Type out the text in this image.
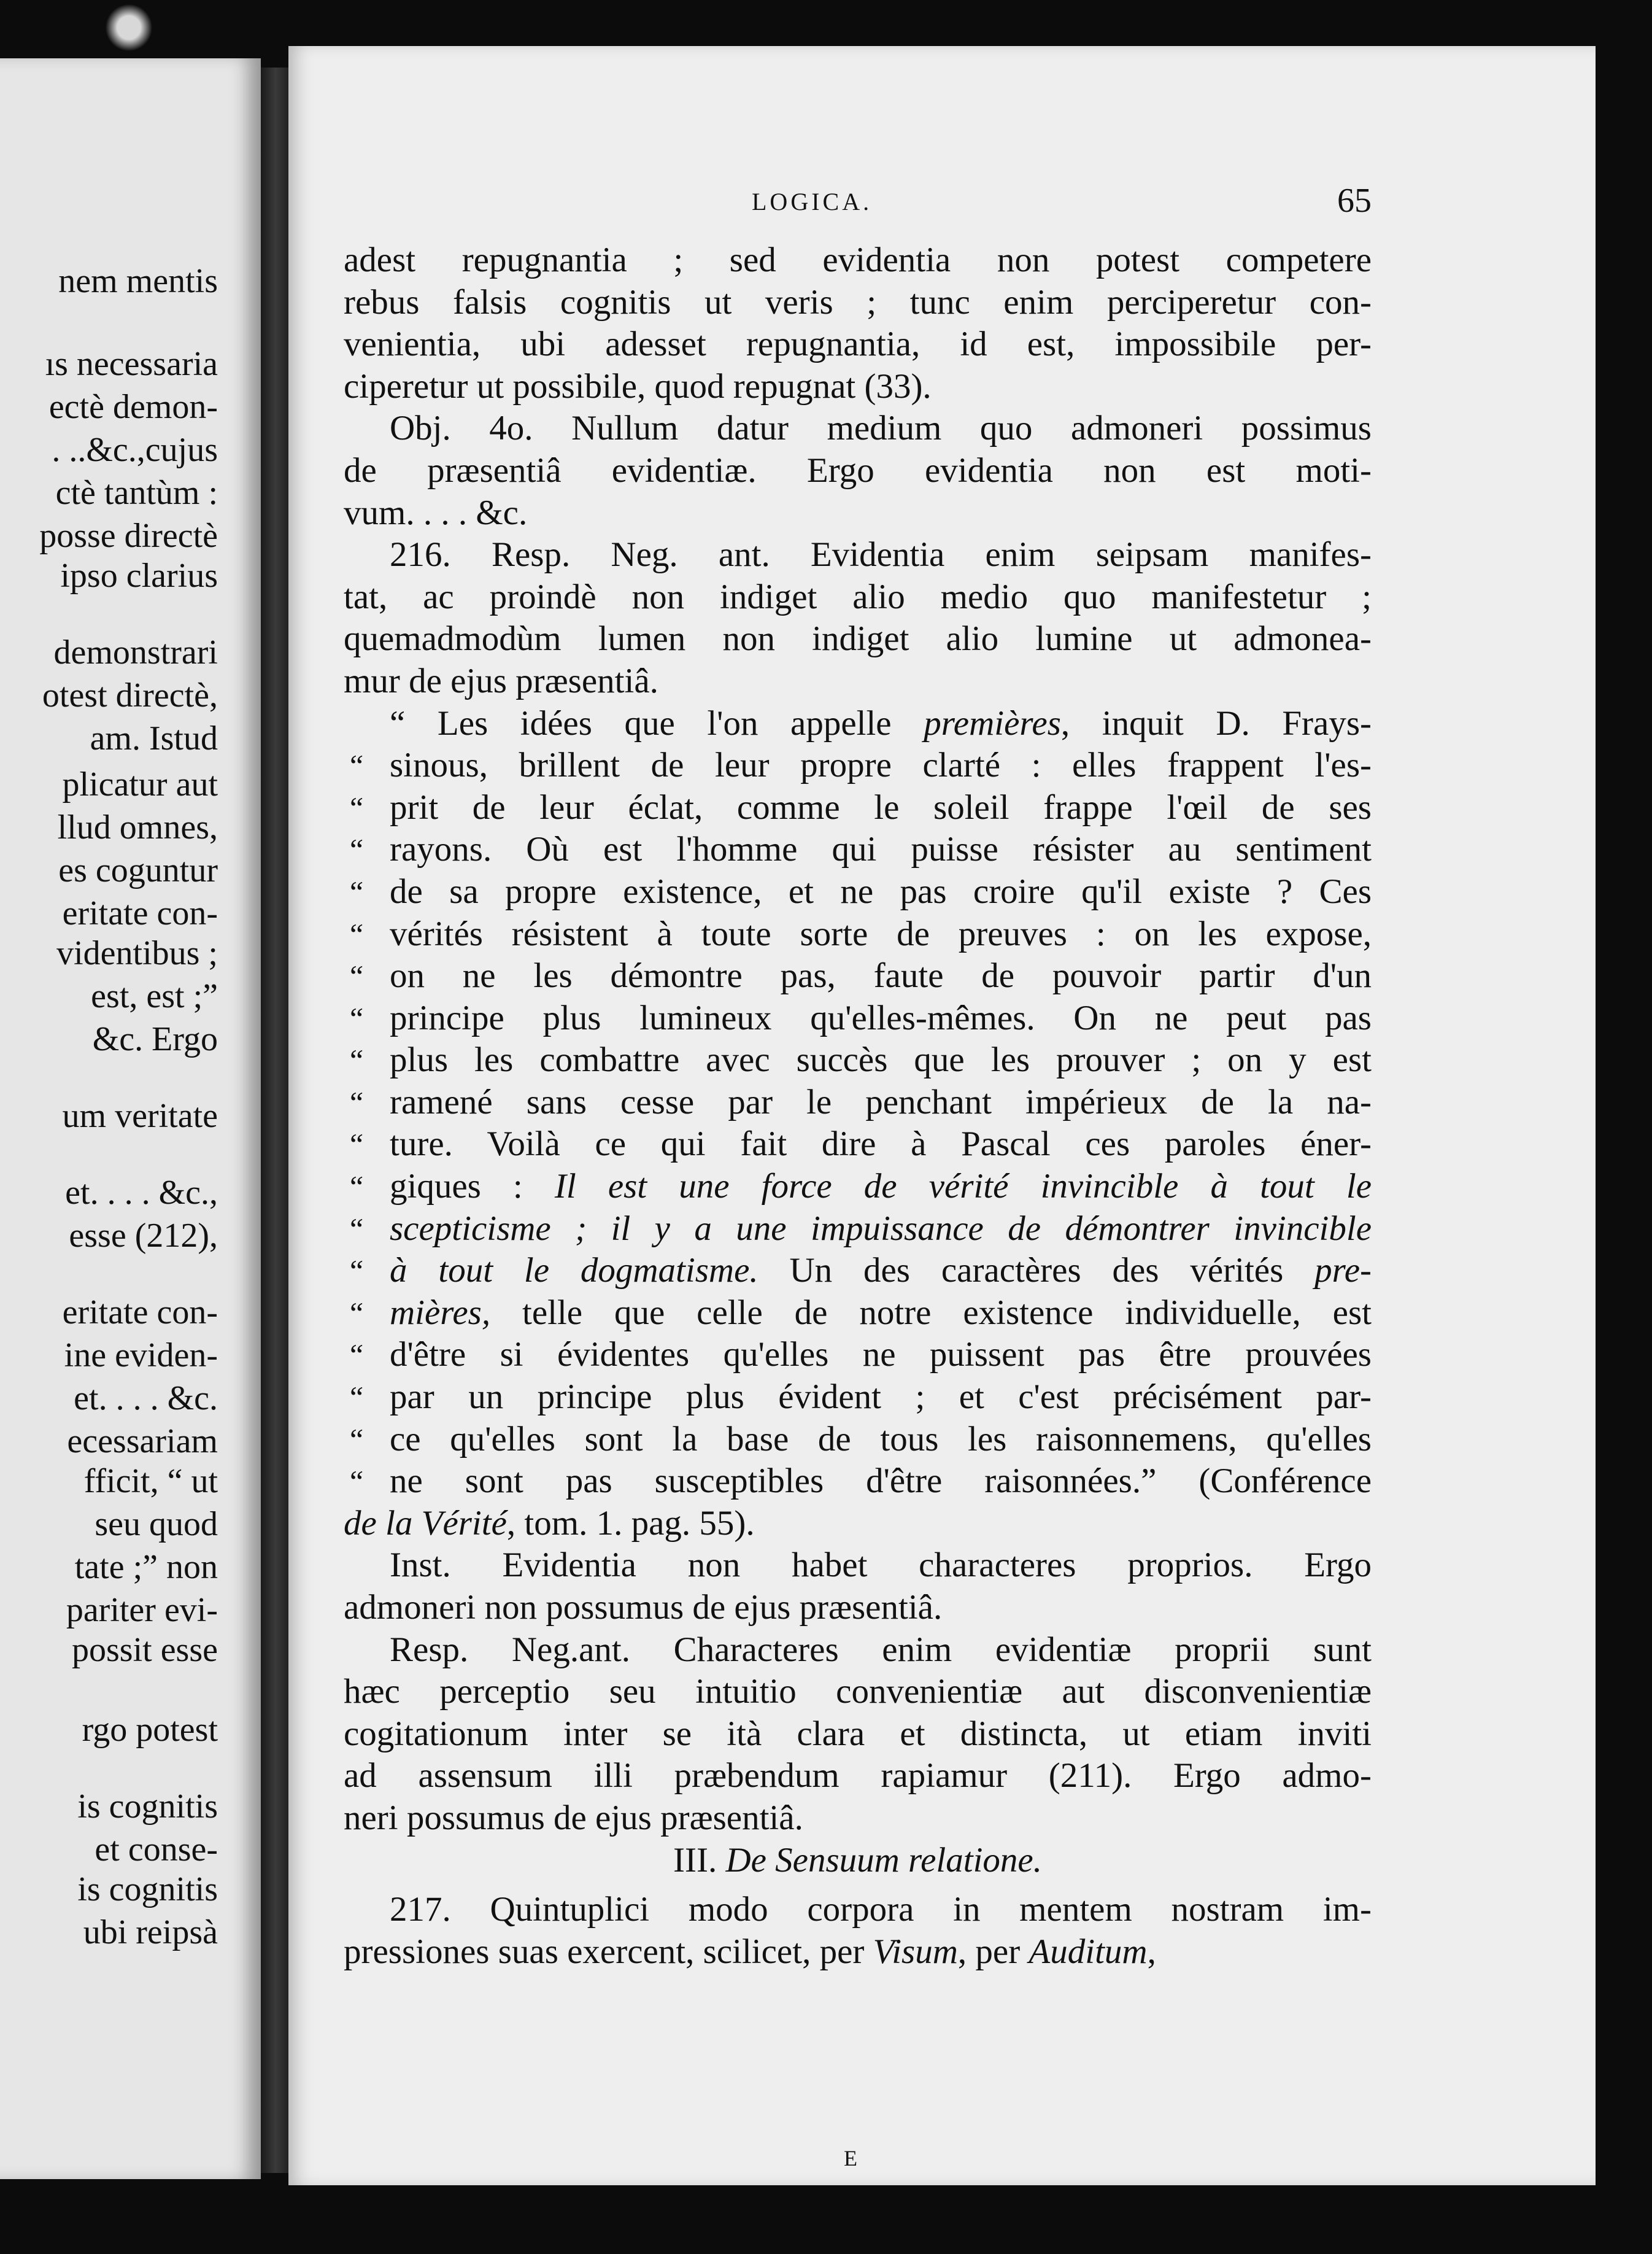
nem mentis
ıs necessaria
ectè demon-
. ..&c.,cujus
ctè tantùm :
posse directè
ipso clarius
demonstrari
otest directè,
am. Istud
plicatur aut
llud omnes,
es coguntur
eritate con-
videntibus ;
est, est ;”
&c. Ergo
um veritate
et. . . . &c.,
esse (212),
eritate con-
ine eviden-
et. . . . &c.
ecessariam
fficit, “ ut
seu quod
tate ;” non
pariter evi-
possit esse
rgo potest
is cognitis
et conse-
is cognitis
ubi reipsà
LOGICA.	65
adest repugnantia ; sed evidentia non potest competere
rebus falsis cognitis ut veris ; tunc enim perciperetur con-
venientia, ubi adesset repugnantia, id est, impossibile per-
ciperetur ut possibile, quod repugnat (33).
Obj. 4o. Nullum datur medium quo admoneri possimus
de præsentiâ evidentiæ. Ergo evidentia non est moti-
vum. . . . &c.
216. Resp. Neg. ant. Evidentia enim seipsam manifes-
tat, ac proindè non indiget alio medio quo manifestetur ;
quemadmodùm lumen non indiget alio lumine ut admonea-
mur de ejus præsentiâ.
“ Les idées que l'on appelle premières, inquit D. Frays-
“ sinous, brillent de leur propre clarté : elles frappent l'es-
“ prit de leur éclat, comme le soleil frappe l'œil de ses
“ rayons. Où est l'homme qui puisse résister au sentiment
“ de sa propre existence, et ne pas croire qu'il existe ? Ces
“ vérités résistent à toute sorte de preuves : on les expose,
“ on ne les démontre pas, faute de pouvoir partir d'un
“ principe plus lumineux qu'elles-mêmes. On ne peut pas
“ plus les combattre avec succès que les prouver ; on y est
“ ramené sans cesse par le penchant impérieux de la na-
“ ture. Voilà ce qui fait dire à Pascal ces paroles éner-
“ giques : Il est une force de vérité invincible à tout le
“ scepticisme ; il y a une impuissance de démontrer invincible
“ à tout le dogmatisme. Un des caractères des vérités pre-
“ mières, telle que celle de notre existence individuelle, est
“ d'être si évidentes qu'elles ne puissent pas être prouvées
“ par un principe plus évident ; et c'est précisément par-
“ ce qu'elles sont la base de tous les raisonnemens, qu'elles
“ ne sont pas susceptibles d'être raisonnées.” (Conférence
de la Vérité, tom. 1. pag. 55).
Inst. Evidentia non habet characteres proprios. Ergo
admoneri non possumus de ejus præsentiâ.
Resp. Neg.ant. Characteres enim evidentiæ proprii sunt
hæc perceptio seu intuitio convenientiæ aut disconvenientiæ
cogitationum inter se ità clara et distincta, ut etiam inviti
ad assensum illi præbendum rapiamur (211). Ergo admo-
neri possumus de ejus præsentiâ.
III. De Sensuum relatione.
217. Quintuplici modo corpora in mentem nostram im-
pressiones suas exercent, scilicet, per Visum, per Auditum,
E
